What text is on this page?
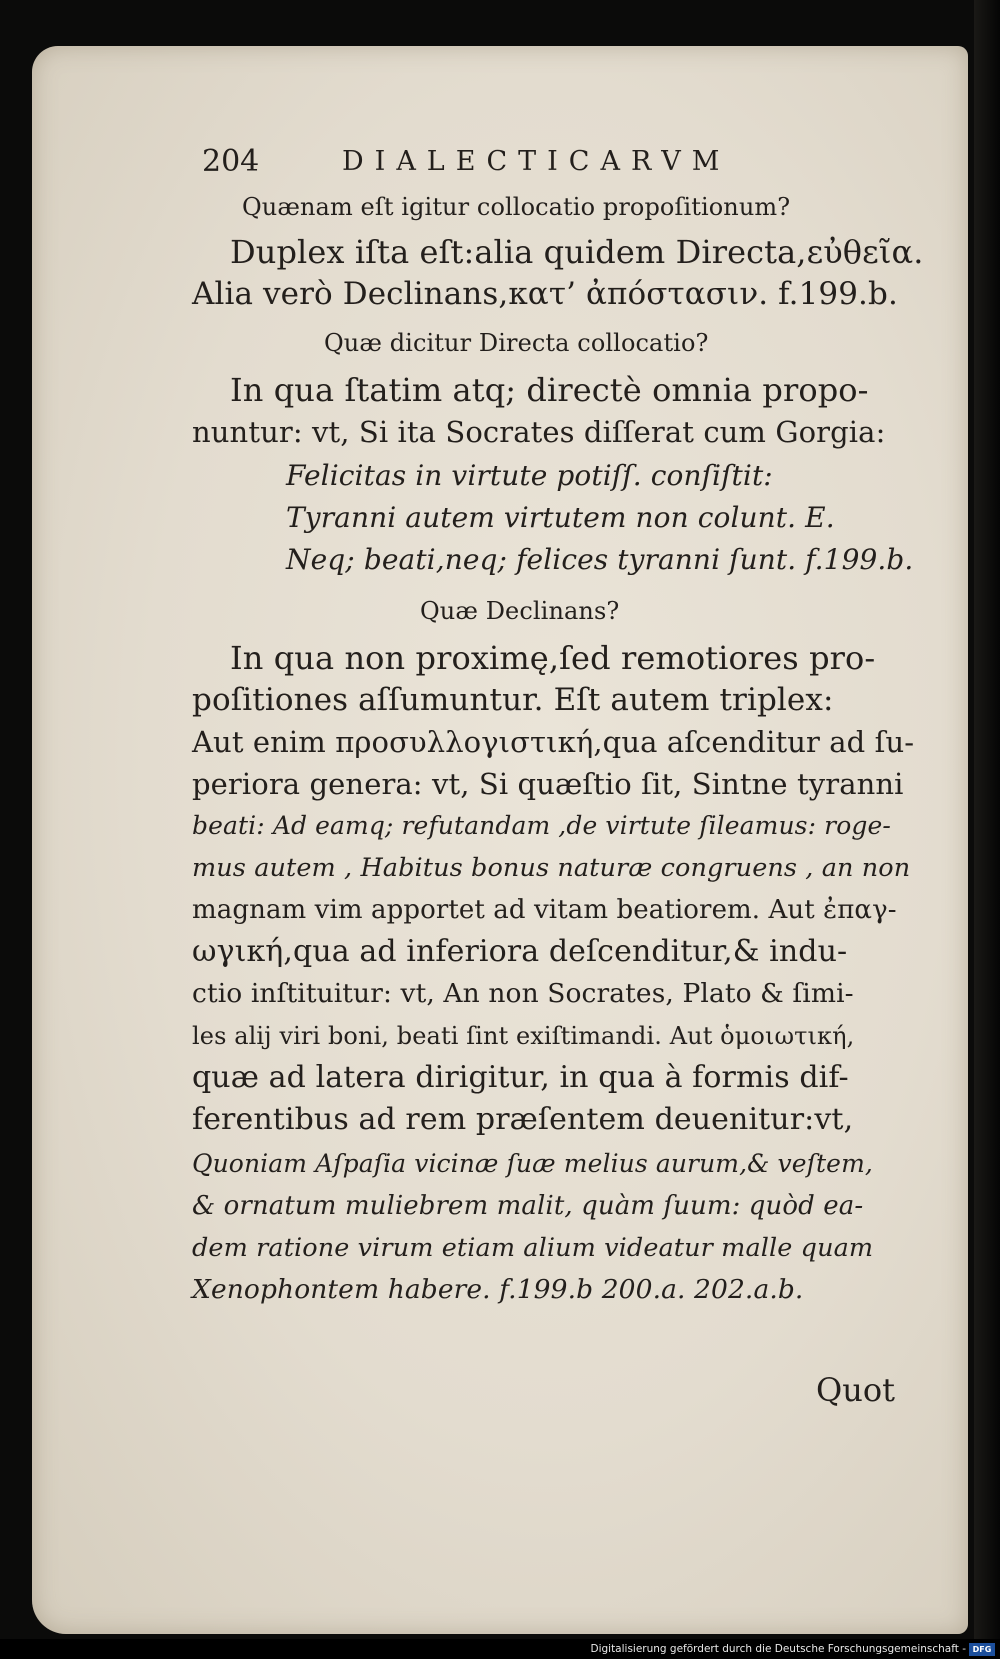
204	DIALECTICARVM
Quænam eſt igitur collocatio propoſitionum?
Duplex iſta eſt:alia quidem Directa,εὐθεῖα.
Alia verò Declinans,κατ’ ἀπόστασιν. f.199.b.
Quæ dicitur Directa collocatio?
In qua ſtatim atq; directè omnia propo-
nuntur: vt, Si ita Socrates diſſerat cum Gorgia:
Felicitas in virtute potiſſ. conſiſtit:
Tyranni autem virtutem non colunt. E.
Neq; beati,neq; felices tyranni ſunt. f.199.b.
Quæ Declinans?
In qua non proximę,ſed remotiores pro-
poſitiones aſſumuntur. Eſt autem triplex:
Aut enim προσυλλογιστική,qua aſcenditur ad ſu-
periora genera: vt, Si quæſtio ſit, Sintne tyranni
beati: Ad eamq; refutandam ,de virtute ſileamus: roge-
mus autem , Habitus bonus naturæ congruens , an non
magnam vim apportet ad vitam beatiorem. Aut ἐπαγ-
ωγική,qua ad inferiora deſcenditur,& indu-
ctio inſtituitur: vt, An non Socrates, Plato & ſimi-
les alij viri boni, beati ſint exiſtimandi. Aut ὁμοιωτική,
quæ ad latera dirigitur, in qua à formis dif-
ferentibus ad rem præſentem deuenitur:vt,
Quoniam Aſpaſia vicinæ ſuæ melius aurum,& veſtem,
& ornatum muliebrem malit, quàm ſuum: quòd ea-
dem ratione virum etiam alium videatur malle quam
Xenophontem habere. f.199.b 200.a. 202.a.b.
Quot
Digitalisierung gefördert durch die Deutsche Forschungsgemeinschaft - DFG
